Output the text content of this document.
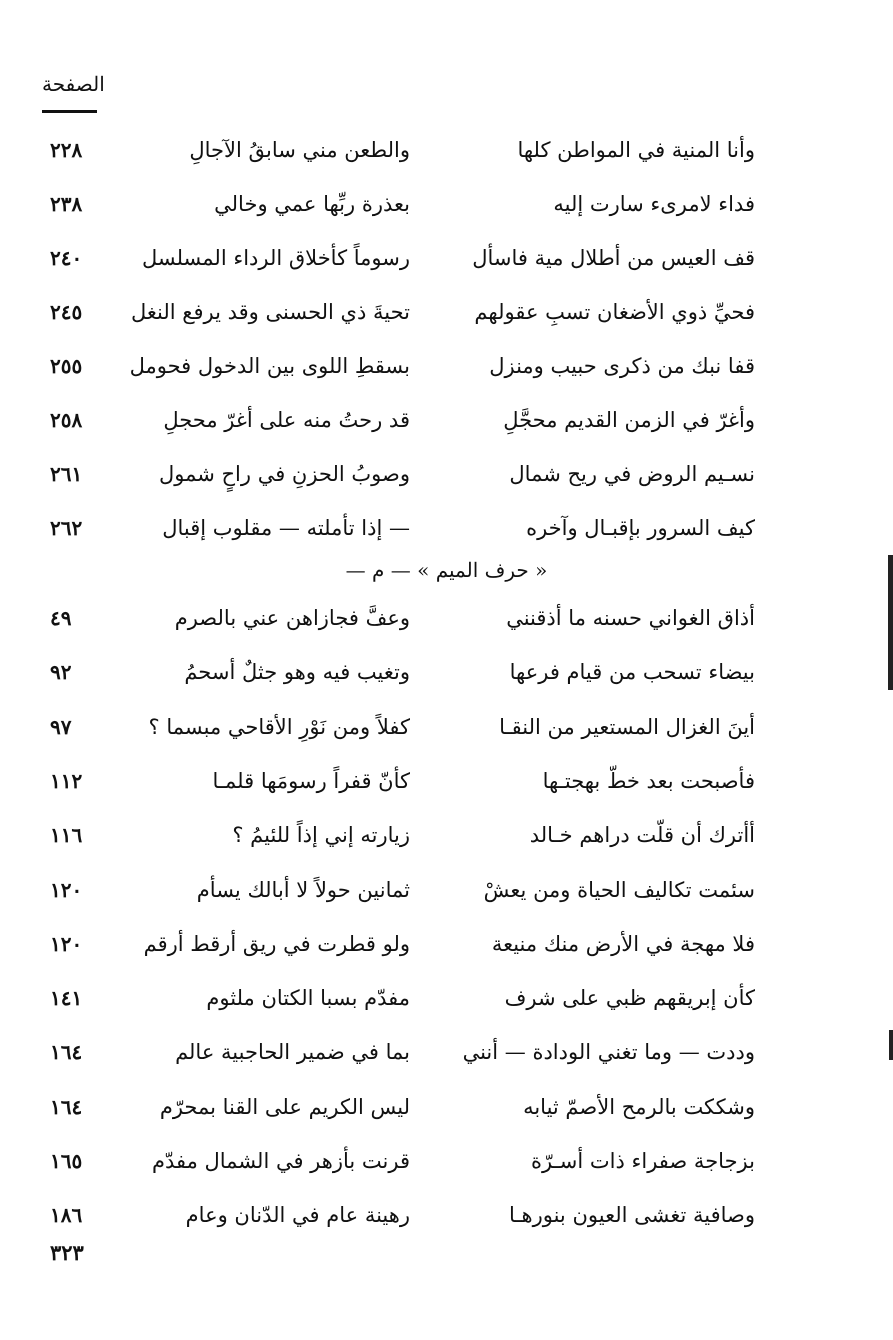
الصفحة
وأنا المنية في المواطن كلها
والطعن مني سابقُ الآجالِ
٢٢٨
فداء لامرىء سارت إليه
بعذرة ربِّها عمي وخالي
٢٣٨
قف العيس من أطلال مية فاسأل
رسوماً كأخلاق الرداء المسلسل
٢٤٠
فحيِّ ذوي الأضغان تسبِ عقولهم
تحيةَ ذي الحسنى وقد يرفع النغل
٢٤٥
قفا نبك من ذكرى حبيب ومنزل
بسقطِ اللوى بين الدخول فحومل
٢٥٥
وأغرّ في الزمن القديم محجَّلِ
قد رحتُ منه على أغرّ محجلِ
٢٥٨
نسـيم الروض في ريح شمال
وصوبُ الحزنِ في راحٍ شمول
٢٦١
كيف السرور بإقبـال وآخره
— إذا تأملته — مقلوب إقبال
٢٦٢
« حرف الميم » — م —
أذاق الغواني حسنه ما أذقنني
وعفَّ فجازاهن عني بالصرم
٤٩
بيضاء تسحب من قيام فرعها
وتغيب فيه وهو جثلٌ أسحمُ
٩٢
أينَ الغزال المستعير من النقـا
كفلاً ومن نَوْرِ الأقاحي مبسما ؟
٩٧
فأصبحت بعد خطّ بهجتـها
كأنّ قفراً رسومَها قلمـا
١١٢
أأترك أن قلّت دراهم خـالد
زيارته إني إذاً للئيمُ ؟
١١٦
سئمت تكاليف الحياة ومن يعشْ
ثمانين حولاً لا أبالك يسأم
١٢٠
فلا مهجة في الأرض منك منيعة
ولو قطرت في ريق أرقط أرقم
١٢٠
كأن إبريقهم ظبي على شرف
مفدّم بسبا الكتان ملثوم
١٤١
وددت — وما تغني الودادة — أنني
بما في ضمير الحاجبية عالم
١٦٤
وشككت بالرمح الأصمّ ثيابه
ليس الكريم على القنا بمحرّم
١٦٤
بزجاجة صفراء ذات أسـرّة
قرنت بأزهر في الشمال مفدّم
١٦٥
وصافية تغشى العيون بنورهـا
رهينة عام في الدّنان وعام
١٨٦
٣٢٣
